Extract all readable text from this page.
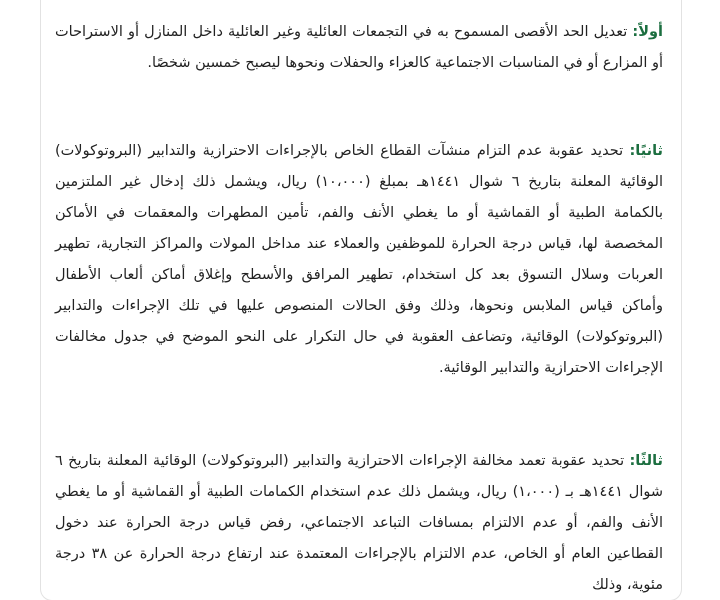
أولاً: تعديل الحد الأقصى المسموح به في التجمعات العائلية وغير العائلية داخل المنازل أو الاستراحات أو المزارع أو في المناسبات الاجتماعية كالعزاء والحفلات ونحوها ليصبح خمسين شخصًا.

ثانيًا: تحديد عقوبة عدم التزام منشآت القطاع الخاص بالإجراءات الاحترازية والتدابير (البروتوكولات) الوقائية المعلنة بتاريخ ٦ شوال ١٤٤١هـ بمبلغ (١٠،٠٠٠) ريال، ويشمل ذلك إدخال غير الملتزمين بالكمامة الطبية أو القماشية أو ما يغطي الأنف والفم، تأمين المطهرات والمعقمات في الأماكن المخصصة لها، قياس درجة الحرارة للموظفين والعملاء عند مداخل المولات والمراكز التجارية، تطهير العربات وسلال التسوق بعد كل استخدام، تطهير المرافق والأسطح وإغلاق أماكن ألعاب الأطفال وأماكن قياس الملابس ونحوها، وذلك وفق الحالات المنصوص عليها في تلك الإجراءات والتدابير (البروتوكولات) الوقائية، وتضاعف العقوبة في حال التكرار على النحو الموضح في جدول مخالفات الإجراءات الاحترازية والتدابير الوقائية.

ثالثًا: تحديد عقوبة تعمد مخالفة الإجراءات الاحترازية والتدابير (البروتوكولات) الوقائية المعلنة بتاريخ ٦ شوال ١٤٤١هـ بـ (١،٠٠٠) ريال، ويشمل ذلك عدم استخدام الكمامات الطبية أو القماشية أو ما يغطي الأنف والفم، أو عدم الالتزام بمسافات التباعد الاجتماعي، رفض قياس درجة الحرارة عند دخول القطاعين العام أو الخاص، عدم الالتزام بالإجراءات المعتمدة عند ارتفاع درجة الحرارة عن ٣٨ درجة مئوية، وذلك
